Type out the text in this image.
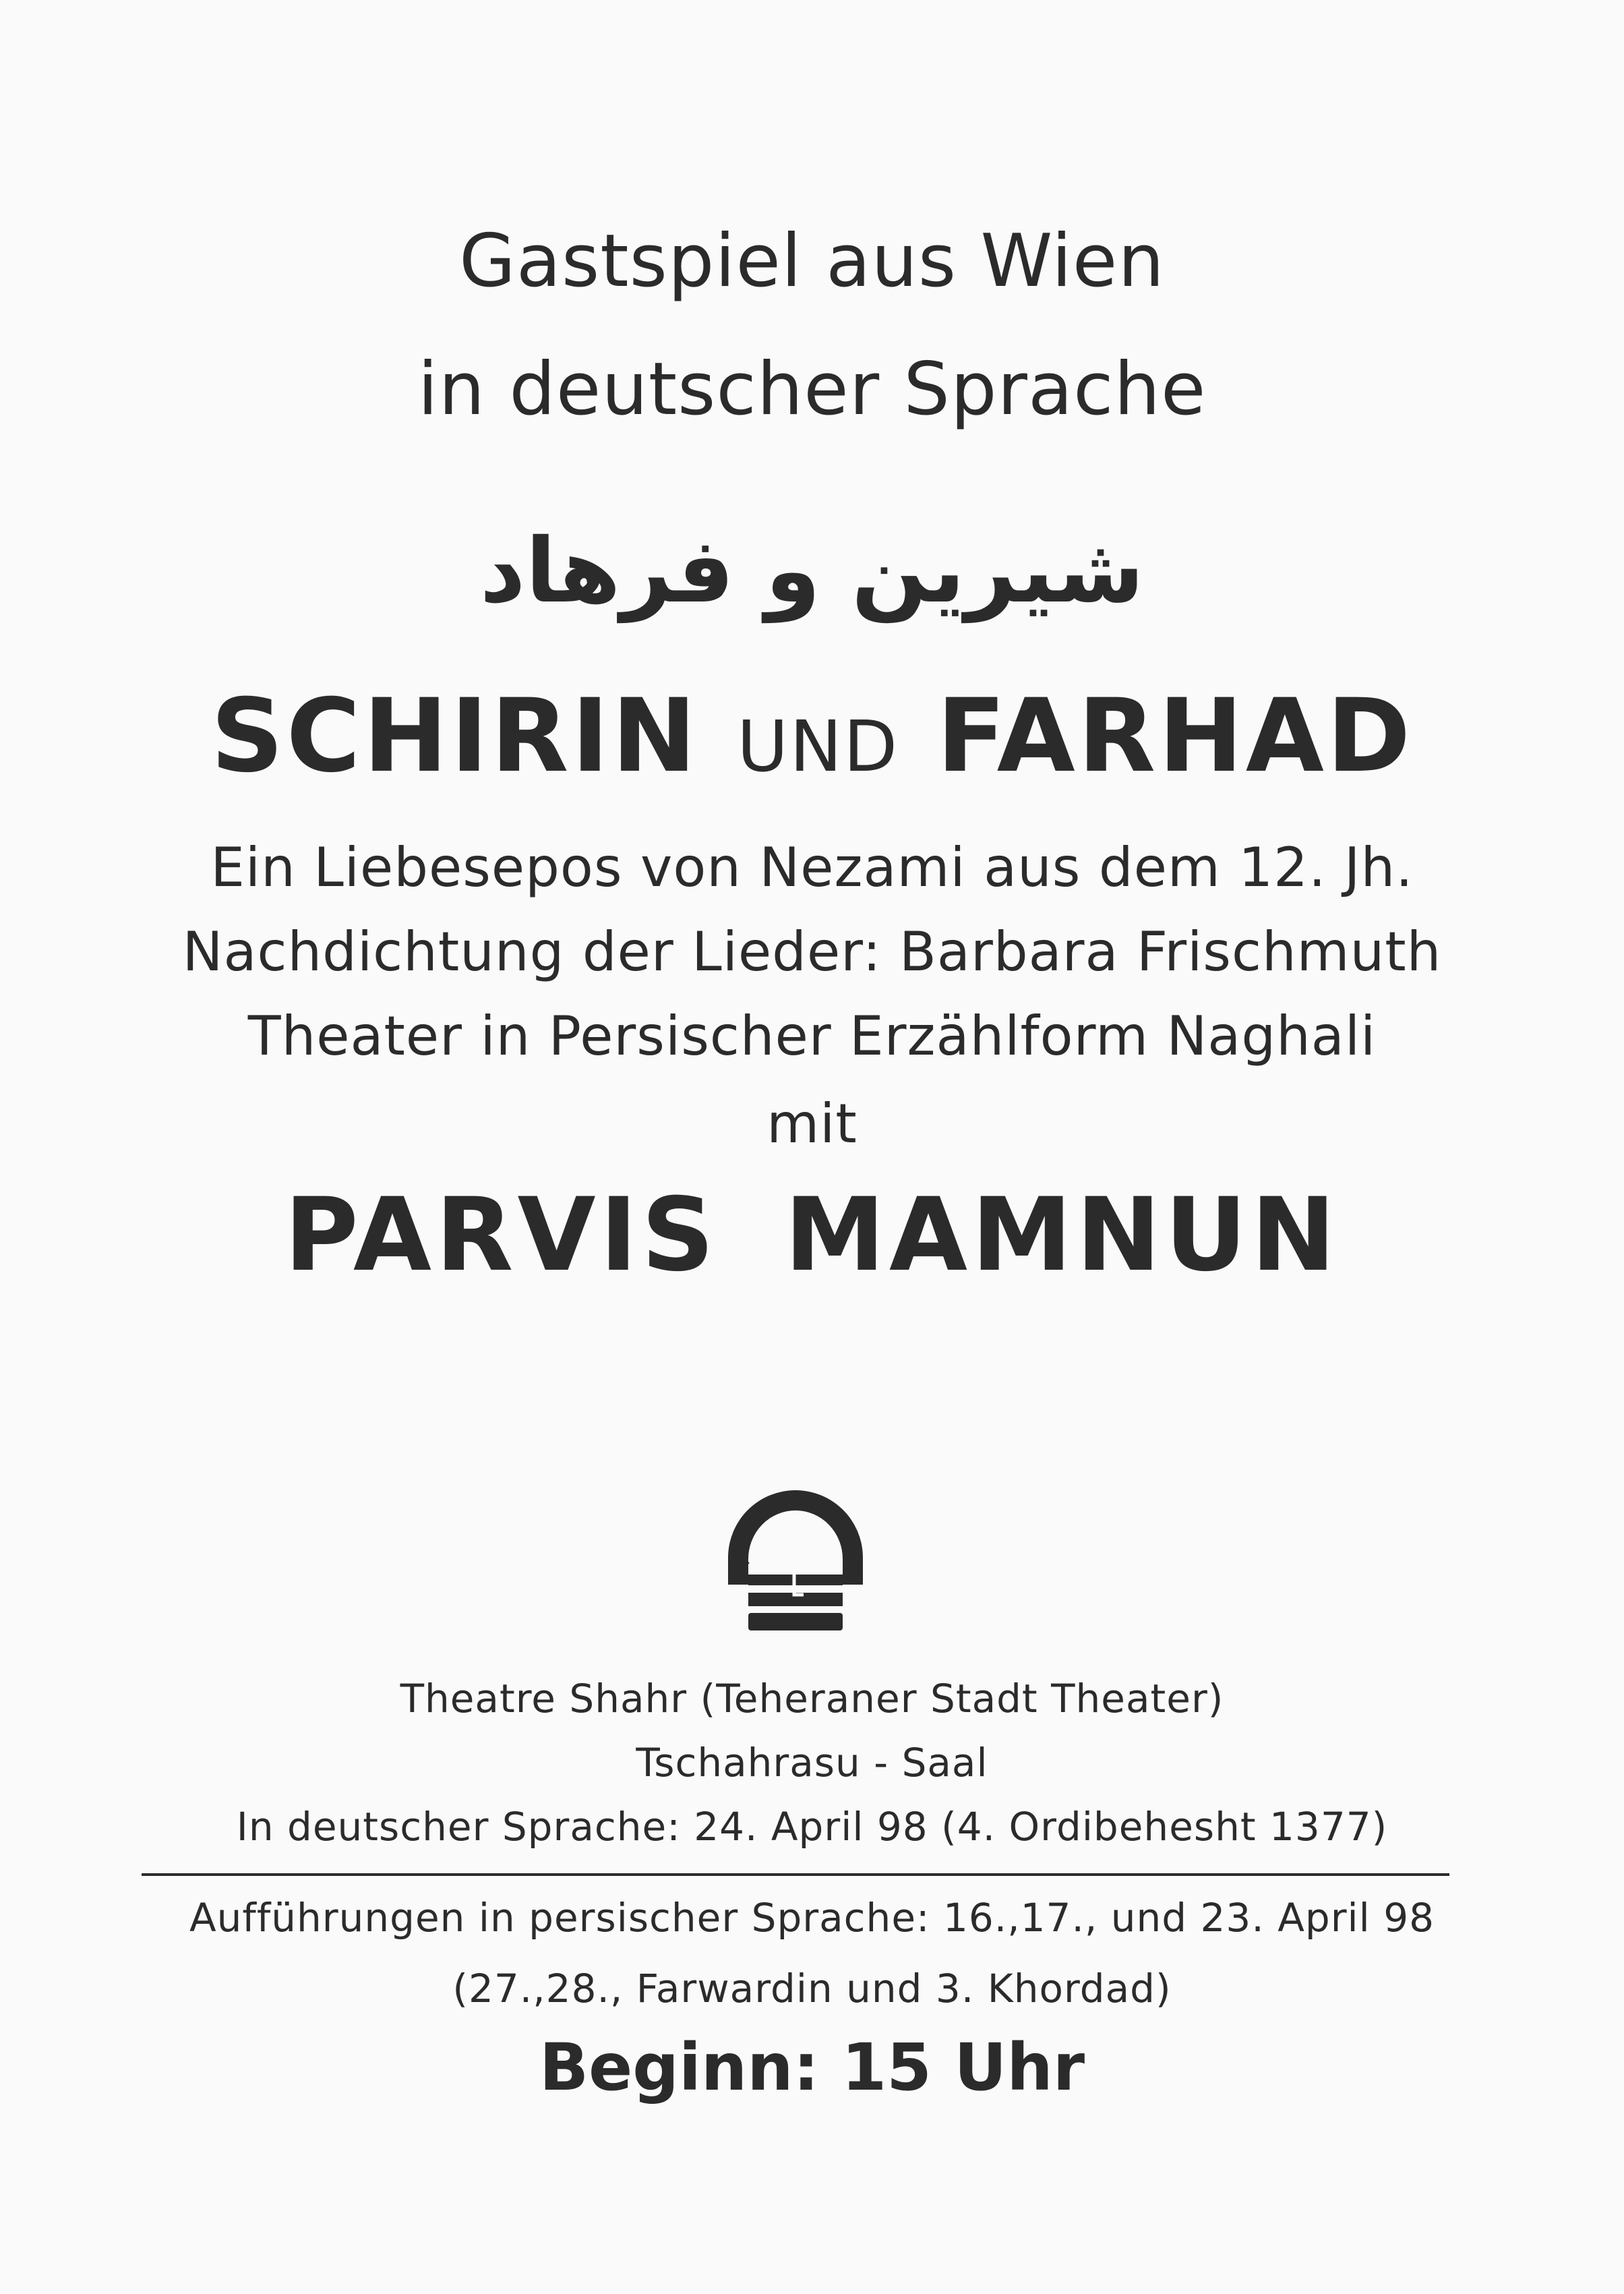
Gastspiel aus Wien
in deutscher Sprache
شيرين و فرهاد
SCHIRIN UND FARHAD
Ein Liebesepos von Nezami aus dem 12. Jh.
Nachdichtung der Lieder: Barbara Frischmuth
Theater in Persischer Erzählform Naghali
mit
PARVIS MAMNUN
Theatre Shahr (Teheraner Stadt Theater)
Tschahrasu - Saal
In deutscher Sprache: 24. April 98 (4. Ordibehesht 1377)
Aufführungen in persischer Sprache: 16.,17., und 23. April 98
(27.,28., Farwardin und 3. Khordad)
Beginn: 15 Uhr
